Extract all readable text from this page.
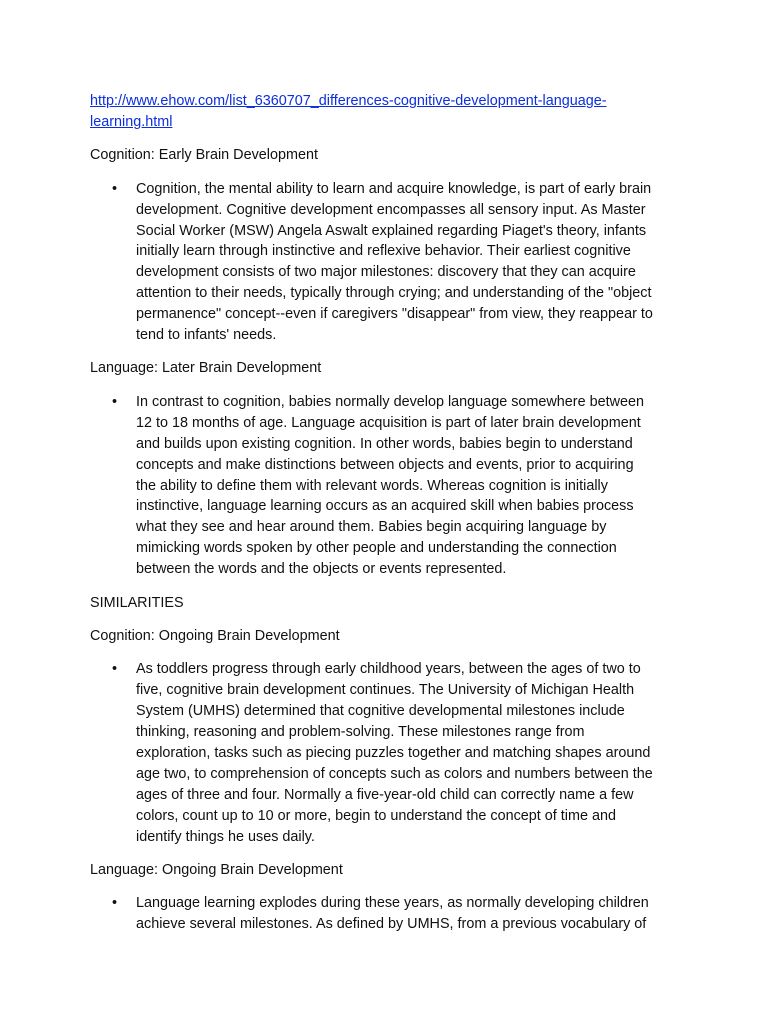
http://www.ehow.com/list_6360707_differences-cognitive-development-language-
learning.html
Cognition: Early Brain Development
• Cognition, the mental ability to learn and acquire knowledge, is part of early brain
development. Cognitive development encompasses all sensory input. As Master
Social Worker (MSW) Angela Aswalt explained regarding Piaget's theory, infants
initially learn through instinctive and reflexive behavior. Their earliest cognitive
development consists of two major milestones: discovery that they can acquire
attention to their needs, typically through crying; and understanding of the "object
permanence" concept--even if caregivers "disappear" from view, they reappear to
tend to infants' needs.
Language: Later Brain Development
• In contrast to cognition, babies normally develop language somewhere between
12 to 18 months of age. Language acquisition is part of later brain development
and builds upon existing cognition. In other words, babies begin to understand
concepts and make distinctions between objects and events, prior to acquiring
the ability to define them with relevant words. Whereas cognition is initially
instinctive, language learning occurs as an acquired skill when babies process
what they see and hear around them. Babies begin acquiring language by
mimicking words spoken by other people and understanding the connection
between the words and the objects or events represented.
SIMILARITIES
Cognition: Ongoing Brain Development
• As toddlers progress through early childhood years, between the ages of two to
five, cognitive brain development continues. The University of Michigan Health
System (UMHS) determined that cognitive developmental milestones include
thinking, reasoning and problem-solving. These milestones range from
exploration, tasks such as piecing puzzles together and matching shapes around
age two, to comprehension of concepts such as colors and numbers between the
ages of three and four. Normally a five-year-old child can correctly name a few
colors, count up to 10 or more, begin to understand the concept of time and
identify things he uses daily.
Language: Ongoing Brain Development
• Language learning explodes during these years, as normally developing children
achieve several milestones. As defined by UMHS, from a previous vocabulary of
